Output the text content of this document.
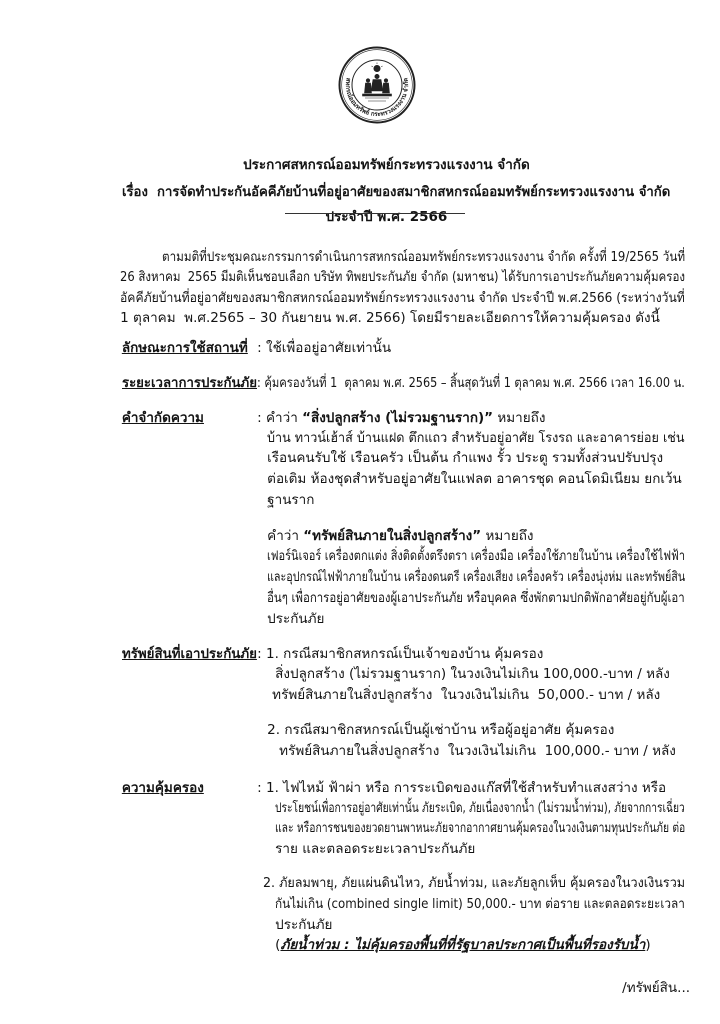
สหกรณ์ออมทรัพย์ กระทรวงแรงงาน จำกัด

ประกาศสหกรณ์ออมทรัพย์กระทรวงแรงงาน จำกัด

เรื่อง  การจัดทำประกันอัคคีภัยบ้านที่อยู่อาศัยของสมาชิกสหกรณ์ออมทรัพย์กระทรวงแรงงาน จำกัด

ประจำปี พ.ศ. 2566

ตามมติที่ประชุมคณะกรรมการดำเนินการสหกรณ์ออมทรัพย์กระทรวงแรงงาน จำกัด ครั้งที่ 19/2565 วันที่

26 สิงหาคม  2565 มีมติเห็นชอบเลือก บริษัท ทิพยประกันภัย จำกัด (มหาชน) ได้รับการเอาประกันภัยความคุ้มครอง

อัคคีภัยบ้านที่อยู่อาศัยของสมาชิกสหกรณ์ออมทรัพย์กระทรวงแรงงาน จำกัด ประจำปี พ.ศ.2566 (ระหว่างวันที่

1 ตุลาคม  พ.ศ.2565 – 30 กันยายน พ.ศ. 2566) โดยมีรายละเอียดการให้ความคุ้มครอง ดังนี้

ลักษณะการใช้สถานที่
: ใช้เพื่ออยู่อาศัยเท่านั้น

ระยะเวลาการประกันภัย
: คุ้มครองวันที่ 1  ตุลาคม พ.ศ. 2565 – สิ้นสุดวันที่ 1 ตุลาคม พ.ศ. 2566 เวลา 16.00 น.

คำจำกัดความ
	: คำว่า “สิ่งปลูกสร้าง (ไม่รวมฐานราก)” หมายถึง

บ้าน ทาวน์เฮ้าส์ บ้านแฝด ตึกแถว สำหรับอยู่อาศัย โรงรถ และอาคารย่อย เช่น

เรือนคนรับใช้ เรือนครัว เป็นต้น กำแพง รั้ว ประตู รวมทั้งส่วนปรับปรุง

ต่อเติม ห้องชุดสำหรับอยู่อาศัยในแฟลต อาคารชุด คอนโดมิเนียม ยกเว้น

ฐานราก

คำว่า “ทรัพย์สินภายในสิ่งปลูกสร้าง” หมายถึง

เฟอร์นิเจอร์ เครื่องตกแต่ง สิ่งติดตั้งตรึงตรา เครื่องมือ เครื่องใช้ภายในบ้าน เครื่องใช้ไฟฟ้า

และอุปกรณ์ไฟฟ้าภายในบ้าน เครื่องดนตรี เครื่องเสียง เครื่องครัว เครื่องนุ่งห่ม และทรัพย์สิน

อื่นๆ เพื่อการอยู่อาศัยของผู้เอาประกันภัย หรือบุคคล ซึ่งพักตามปกติพักอาศัยอยู่กับผู้เอา

ประกันภัย

ทรัพย์สินที่เอาประกันภัย
: 1. กรณีสมาชิกสหกรณ์เป็นเจ้าของบ้าน คุ้มครอง

สิ่งปลูกสร้าง (ไม่รวมฐานราก) ในวงเงินไม่เกิน 100,000.-บาท / หลัง

ทรัพย์สินภายในสิ่งปลูกสร้าง  ในวงเงินไม่เกิน  50,000.- บาท / หลัง

2. กรณีสมาชิกสหกรณ์เป็นผู้เช่าบ้าน หรือผู้อยู่อาศัย คุ้มครอง

ทรัพย์สินภายในสิ่งปลูกสร้าง  ในวงเงินไม่เกิน  100,000.- บาท / หลัง

ความคุ้มครอง
	: 1. ไฟไหม้ ฟ้าผ่า หรือ การระเบิดของแก๊สที่ใช้สำหรับทำแสงสว่าง หรือ

ประโยชน์เพื่อการอยู่อาศัยเท่านั้น ภัยระเบิด, ภัยเนื่องจากน้ำ (ไม่รวมน้ำท่วม), ภัยจากการเฉี่ยว

และ หรือการชนของยวดยานพาหนะภัยจากอากาศยานคุ้มครองในวงเงินตามทุนประกันภัย ต่อ

ราย และตลอดระยะเวลาประกันภัย

2. ภัยลมพายุ, ภัยแผ่นดินไหว, ภัยน้ำท่วม, และภัยลูกเห็บ คุ้มครองในวงเงินรวม

กันไม่เกิน (combined single limit) 50,000.- บาท ต่อราย และตลอดระยะเวลา

ประกันภัย

(ภัยน้ำท่วม : ไม่คุ้มครองพื้นที่ที่รัฐบาลประกาศเป็นพื้นที่รองรับน้ำ)

/ทรัพย์สิน...
